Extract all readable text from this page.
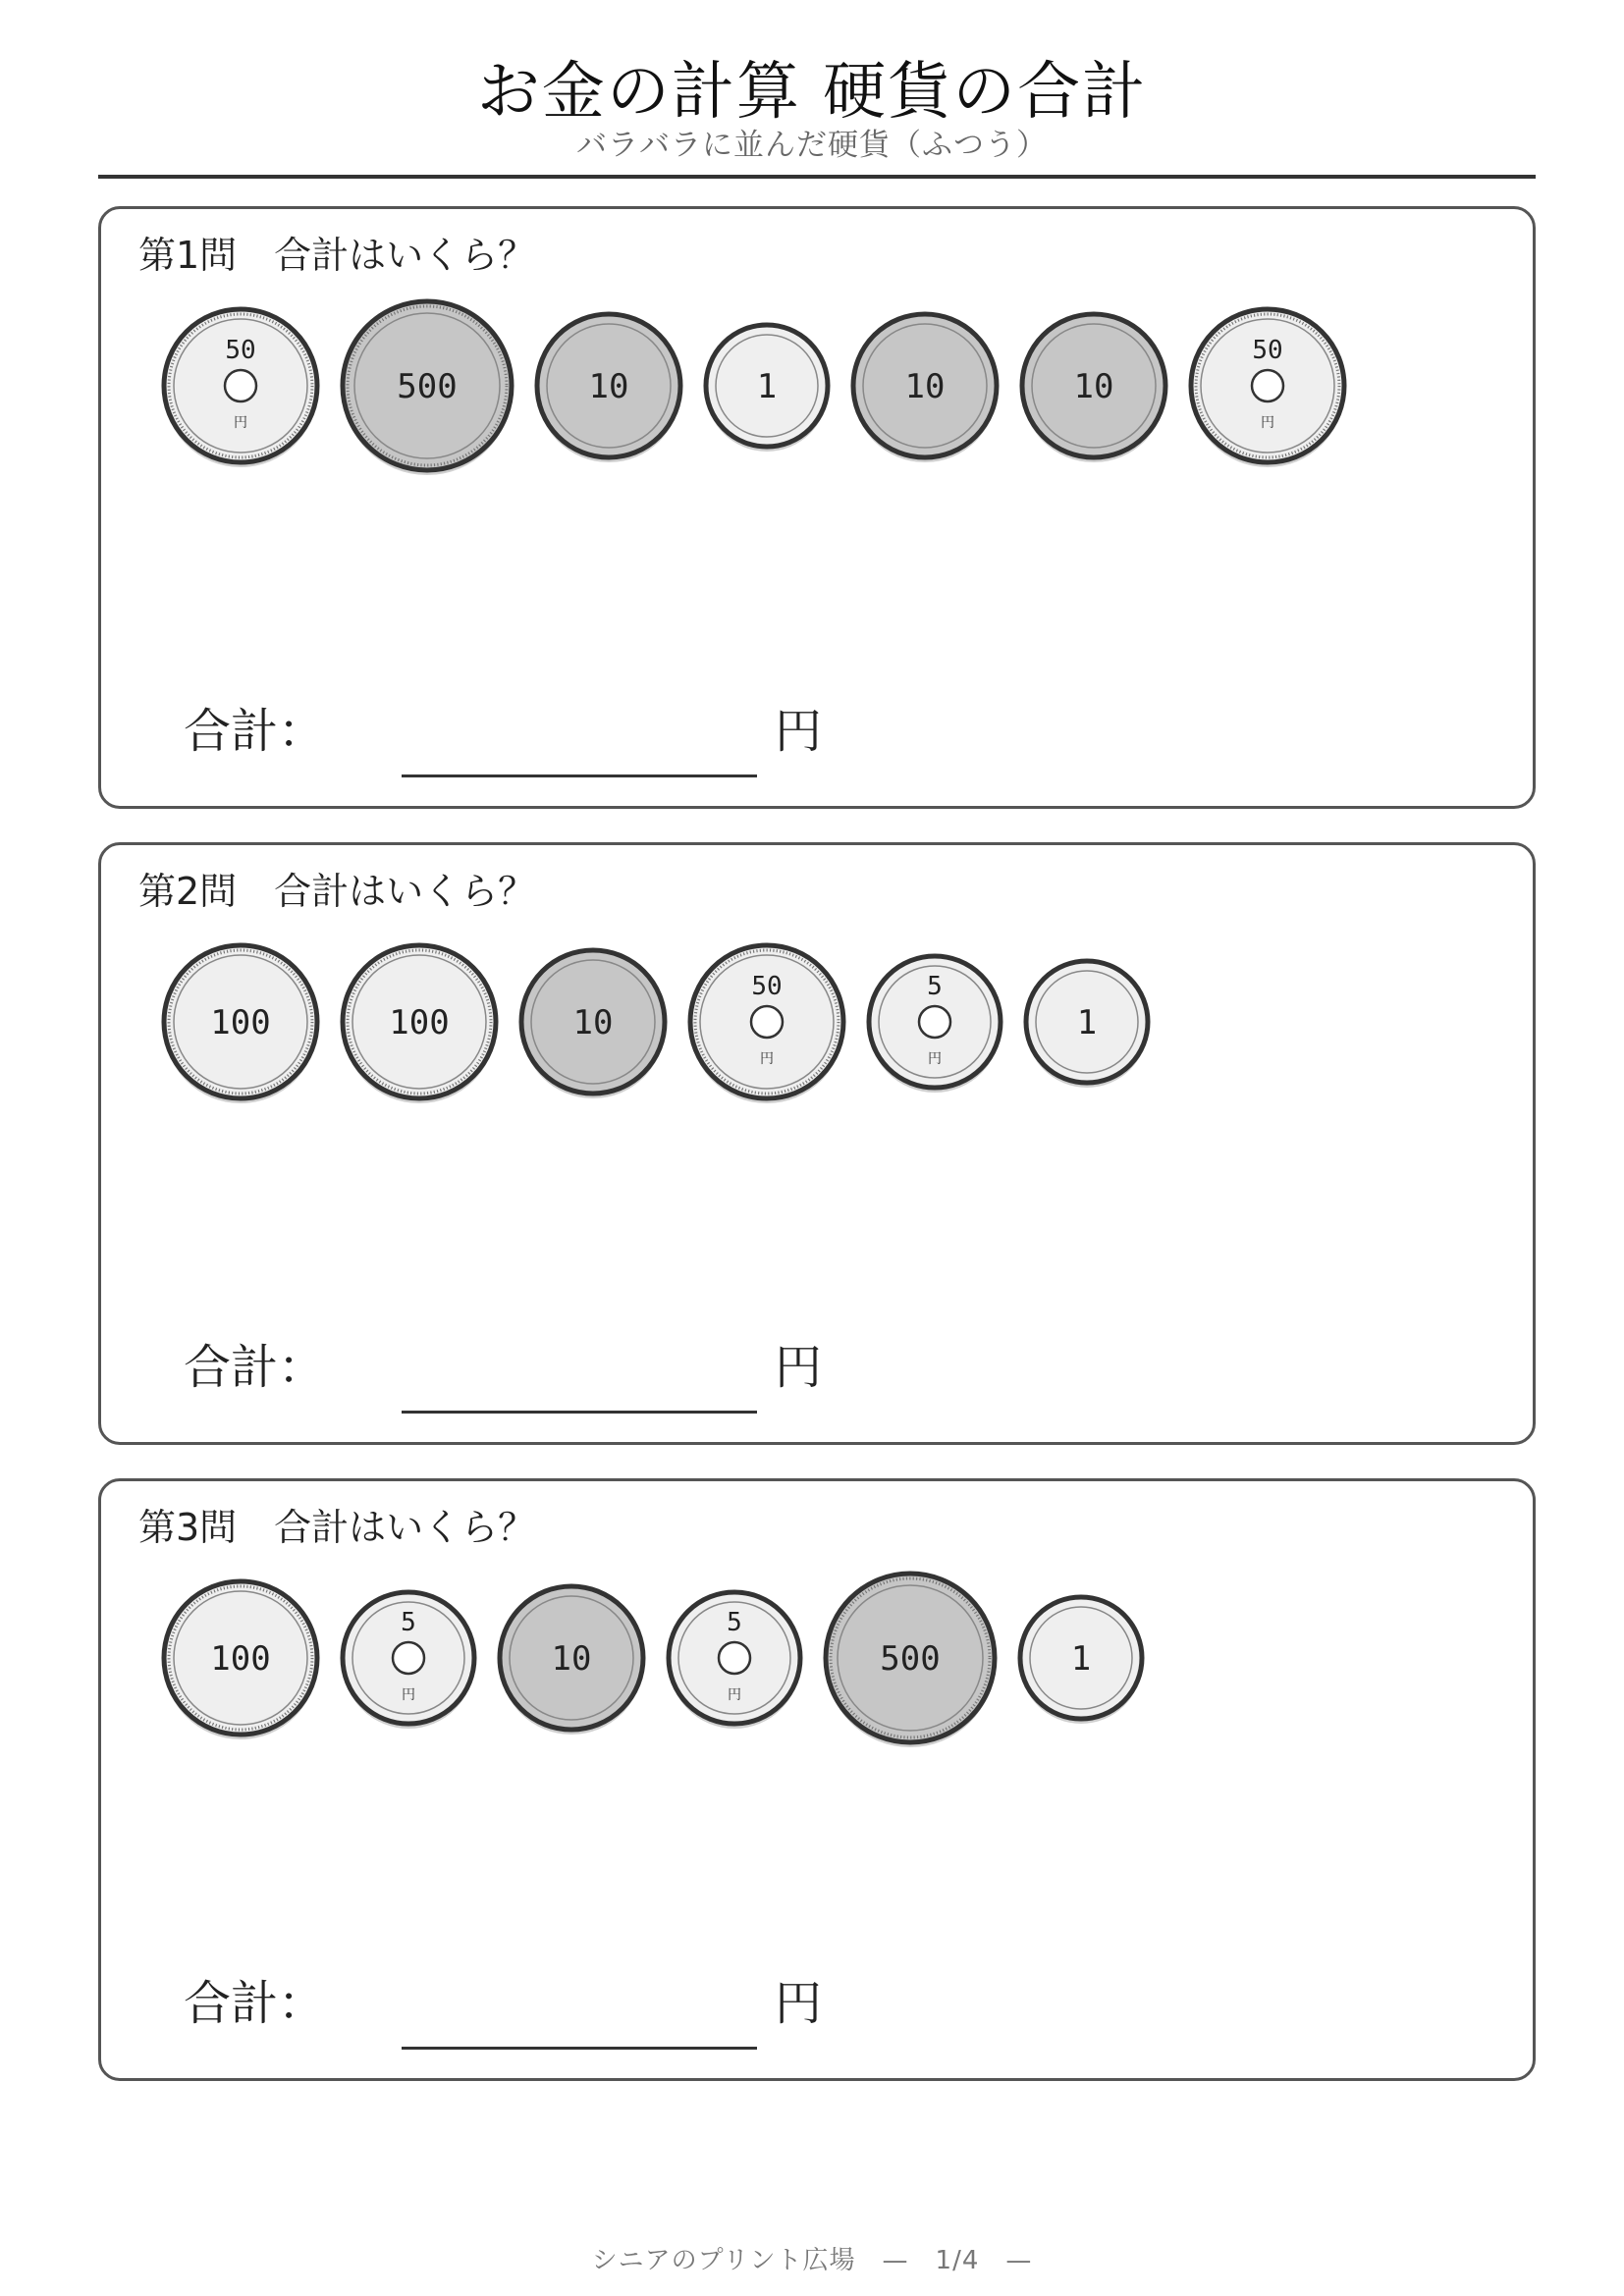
お金の計算 硬貨の合計
バラバラに並んだ硬貨（ふつう）
第1問　合計はいくら？
50
円
500	10	1	10	10
50
円
合計：	円
第2問　合計はいくら？
100	100	10
50
円
5
円
1
合計：	円
第3問　合計はいくら？
100
5
円
10
5
円
500	1
合計：	円
シニアのプリント広場　—　1/4　—
